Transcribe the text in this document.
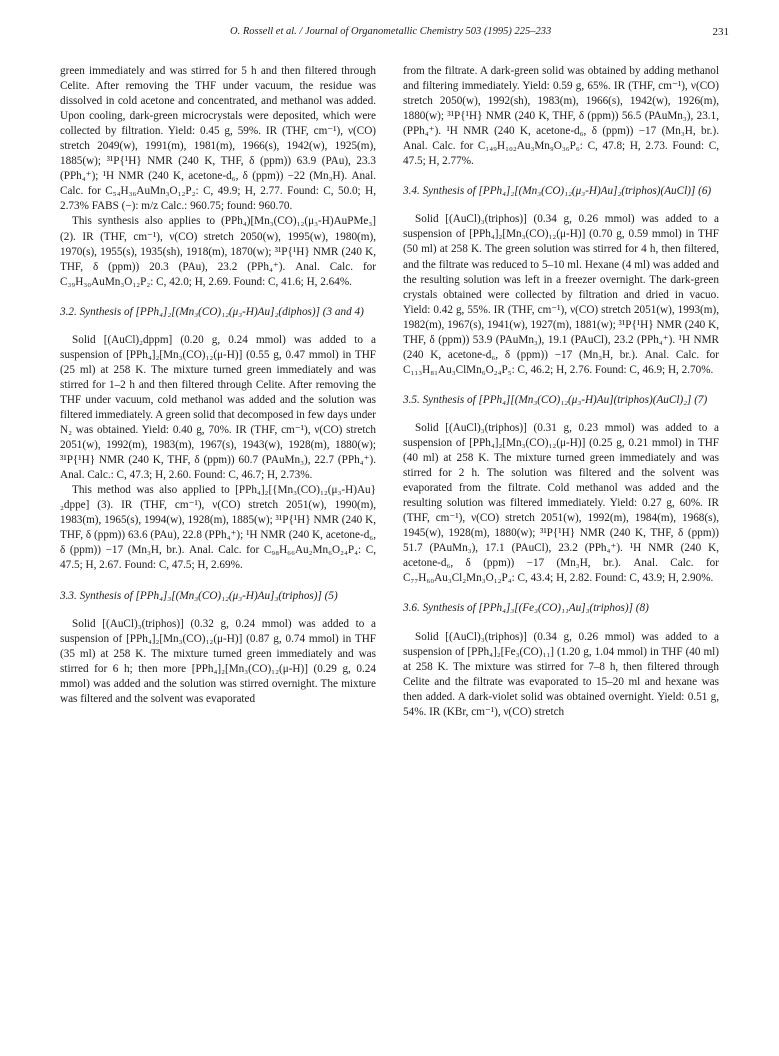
O. Rossell et al. / Journal of Organometallic Chemistry 503 (1995) 225–233	231

green immediately and was stirred for 5 h and then filtered through Celite. After removing the THF under vacuum, the residue was dissolved in cold acetone and concentrated, and methanol was added. Upon cooling, dark-green microcrystals were deposited, which were collected by filtration. Yield: 0.45 g, 59%. IR (THF, cm⁻¹), ν(CO) stretch 2049(w), 1991(m), 1981(m), 1966(s), 1942(w), 1925(m), 1885(w); ³¹P{¹H} NMR (240 K, THF, δ (ppm)) 63.9 (PAu), 23.3 (PPh₄⁺); ¹H NMR (240 K, acetone-d₆, δ (ppm)) −22 (Mn₃H). Anal. Calc. for C₅₄H₃₆AuMn₃O₁₂P₂: C, 49.9; H, 2.77. Found: C, 50.0; H, 2.73% FABS (−): m/z Calc.: 960.75; found: 960.70.

This synthesis also applies to (PPh₄)[Mn₃(CO)₁₂(μ₃-H)AuPMe₃] (2). IR (THF, cm⁻¹), ν(CO) stretch 2050(w), 1995(w), 1980(m), 1970(s), 1955(s), 1935(sh), 1918(m), 1870(w); ³¹P{¹H} NMR (240 K, THF, δ (ppm)) 20.3 (PAu), 23.2 (PPh₄⁺). Anal. Calc. for C₃₉H₃₀AuMn₃O₁₂P₂: C, 42.0; H, 2.69. Found: C, 41.6; H, 2.64%.

3.2. Synthesis of [PPh₄]₂[(Mn₃(CO)₁₂(μ₃-H)Au]₂(diphos)] (3 and 4)

Solid [(AuCl)₂dppm] (0.20 g, 0.24 mmol) was added to a suspension of [PPh₄]₂[Mn₃(CO)₁₂(μ-H)] (0.55 g, 0.47 mmol) in THF (25 ml) at 258 K. The mixture turned green immediately and was stirred for 1–2 h and then filtered through Celite. After removing the THF under vacuum, cold methanol was added and the solution was filtered immediately. A green solid that decomposed in few days under N₂ was obtained. Yield: 0.40 g, 70%. IR (THF, cm⁻¹), ν(CO) stretch 2051(w), 1992(m), 1983(m), 1967(s), 1943(w), 1928(m), 1880(w); ³¹P{¹H} NMR (240 K, THF, δ (ppm)) 60.7 (PAuMn₃), 22.7 (PPh₄⁺). Anal. Calc.: C, 47.3; H, 2.60. Found: C, 46.7; H, 2.73%.

This method was also applied to [PPh₄]₂[{Mn₃(CO)₁₂(μ₃-H)Au}₂dppe] (3). IR (THF, cm⁻¹), ν(CO) stretch 2051(w), 1990(m), 1983(m), 1965(s), 1994(w), 1928(m), 1885(w); ³¹P{¹H} NMR (240 K, THF, δ (ppm)) 63.6 (PAu), 22.8 (PPh₄⁺); ¹H NMR (240 K, acetone-d₆, δ (ppm)) −17 (Mn₃H, br.). Anal. Calc. for C₉₈H₆₆Au₂Mn₆O₂₄P₄: C, 47.5; H, 2.67. Found: C, 47.5; H, 2.69%.

3.3. Synthesis of [PPh₄]₃[(Mn₃(CO)₁₂(μ₃-H)Au]₃(triphos)] (5)

Solid [(AuCl)₃(triphos)] (0.32 g, 0.24 mmol) was added to a suspension of [PPh₄]₂[Mn₃(CO)₁₂(μ-H)] (0.87 g, 0.74 mmol) in THF (35 ml) at 258 K. The mixture turned green immediately and was stirred for 6 h; then more [PPh₄]₂[Mn₃(CO)₁₂(μ-H)] (0.29 g, 0.24 mmol) was added and the solution was stirred overnight. The mixture was filtered and the solvent was evaporated

from the filtrate. A dark-green solid was obtained by adding methanol and filtering immediately. Yield: 0.59 g, 65%. IR (THF, cm⁻¹), ν(CO) stretch 2050(w), 1992(sh), 1983(m), 1966(s), 1942(w), 1926(m), 1880(w); ³¹P{¹H} NMR (240 K, THF, δ (ppm)) 56.5 (PAuMn₃), 23.1, (PPh₄⁺). ¹H NMR (240 K, acetone-d₆, δ (ppm)) −17 (Mn₃H, br.). Anal. Calc. for C₁₄₉H₁₀₂Au₃Mn₉O₃₆P₆: C, 47.8; H, 2.73. Found: C, 47.5; H, 2.77%.

3.4. Synthesis of [PPh₄]₂[(Mn₃(CO)₁₂(μ₃-H)Au]₂(triphos)(AuCl)] (6)

Solid [(AuCl)₃(triphos)] (0.34 g, 0.26 mmol) was added to a suspension of [PPh₄]₂[Mn₃(CO)₁₂(μ-H)] (0.70 g, 0.59 mmol) in THF (50 ml) at 258 K. The green solution was stirred for 4 h, then filtered, and the filtrate was reduced to 5–10 ml. Hexane (4 ml) was added and the resulting solution was left in a freezer overnight. The dark-green crystals obtained were collected by filtration and dried in vacuo. Yield: 0.42 g, 55%. IR (THF, cm⁻¹), ν(CO) stretch 2051(w), 1993(m), 1982(m), 1967(s), 1941(w), 1927(m), 1881(w); ³¹P{¹H} NMR (240 K, THF, δ (ppm)) 53.9 (PAuMn₃), 19.1 (PAuCl), 23.2 (PPh₄⁺). ¹H NMR (240 K, acetone-d₆, δ (ppm)) −17 (Mn₃H, br.). Anal. Calc. for C₁₁₃H₈₁Au₃ClMn₆O₂₄P₅: C, 46.2; H, 2.76. Found: C, 46.9; H, 2.70%.

3.5. Synthesis of [PPh₄][(Mn₃(CO)₁₂(μ₃-H)Au](triphos)(AuCl)₂] (7)

Solid [(AuCl)₃(triphos)] (0.31 g, 0.23 mmol) was added to a suspension of [PPh₄]₂[Mn₃(CO)₁₂(μ-H)] (0.25 g, 0.21 mmol) in THF (40 ml) at 258 K. The mixture turned green immediately and was stirred for 2 h. The solution was filtered and the solvent was evaporated from the filtrate. Cold methanol was added and the resulting solution was filtered immediately. Yield: 0.27 g, 60%. IR (THF, cm⁻¹), ν(CO) stretch 2051(w), 1992(m), 1984(m), 1968(s), 1945(w), 1928(m), 1880(w); ³¹P{¹H} NMR (240 K, THF, δ (ppm)) 51.7 (PAuMn₃), 17.1 (PAuCl), 23.2 (PPh₄⁺). ¹H NMR (240 K, acetone-d₆, δ (ppm)) −17 (Mn₃H, br.). Anal. Calc. for C₇₇H₆₀Au₃Cl₂Mn₃O₁₂P₄: C, 43.4; H, 2.82. Found: C, 43.9; H, 2.90%.

3.6. Synthesis of [PPh₄]₃[(Fe₃(CO)₁₁Au]₃(triphos)] (8)

Solid [(AuCl)₃(triphos)] (0.34 g, 0.26 mmol) was added to a suspension of [PPh₄]₂[Fe₃(CO)₁₁] (1.20 g, 1.04 mmol) in THF (40 ml) at 258 K. The mixture was stirred for 7–8 h, then filtered through Celite and the filtrate was evaporated to 15–20 ml and hexane was then added. A dark-violet solid was obtained overnight. Yield: 0.51 g, 54%. IR (KBr, cm⁻¹), ν(CO) stretch
